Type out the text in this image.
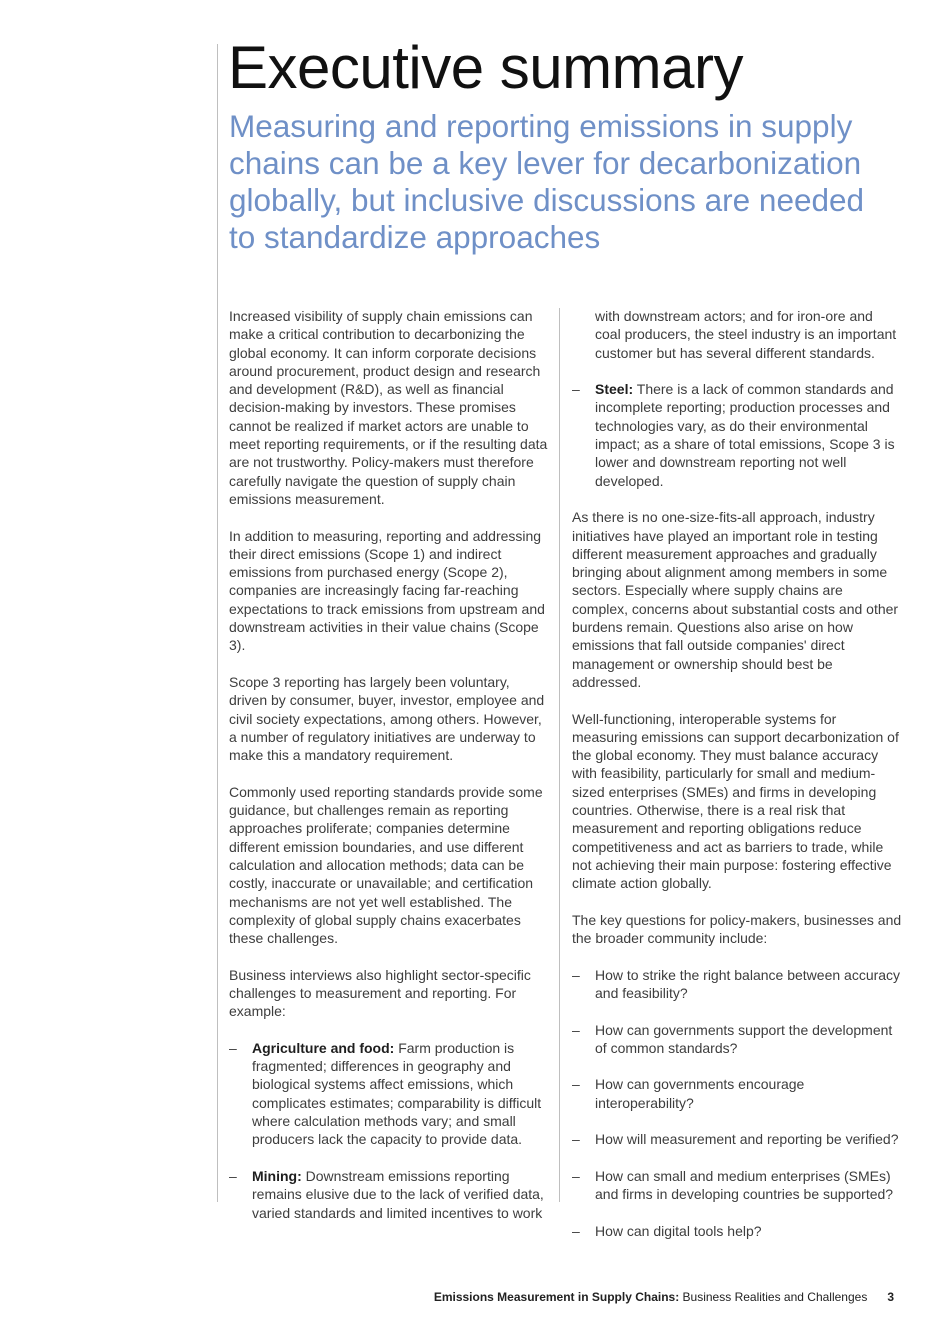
Executive summary

Measuring and reporting emissions in supply chains can be a key lever for decarbonization globally, but inclusive discussions are needed to standardize approaches

Increased visibility of supply chain emissions can make a critical contribution to decarbonizing the global economy. It can inform corporate decisions around procurement, product design and research and development (R&D), as well as financial decision-making by investors. These promises cannot be realized if market actors are unable to meet reporting requirements, or if the resulting data are not trustworthy. Policy-makers must therefore carefully navigate the question of supply chain emissions measurement.

In addition to measuring, reporting and addressing their direct emissions (Scope 1) and indirect emissions from purchased energy (Scope 2), companies are increasingly facing far-reaching expectations to track emissions from upstream and downstream activities in their value chains (Scope 3).

Scope 3 reporting has largely been voluntary, driven by consumer, buyer, investor, employee and civil society expectations, among others. However, a number of regulatory initiatives are underway to make this a mandatory requirement.

Commonly used reporting standards provide some guidance, but challenges remain as reporting approaches proliferate; companies determine different emission boundaries, and use different calculation and allocation methods; data can be costly, inaccurate or unavailable; and certification mechanisms are not yet well established. The complexity of global supply chains exacerbates these challenges.

Business interviews also highlight sector-specific challenges to measurement and reporting. For example:

– Agriculture and food: Farm production is fragmented; differences in geography and biological systems affect emissions, which complicates estimates; comparability is difficult where calculation methods vary; and small producers lack the capacity to provide data.
– Mining: Downstream emissions reporting remains elusive due to the lack of verified data, varied standards and limited incentives to work

with downstream actors; and for iron-ore and coal producers, the steel industry is an important customer but has several different standards.

– Steel: There is a lack of common standards and incomplete reporting; production processes and technologies vary, as do their environmental impact; as a share of total emissions, Scope 3 is lower and downstream reporting not well developed.

As there is no one-size-fits-all approach, industry initiatives have played an important role in testing different measurement approaches and gradually bringing about alignment among members in some sectors. Especially where supply chains are complex, concerns about substantial costs and other burdens remain. Questions also arise on how emissions that fall outside companies' direct management or ownership should best be addressed.

Well-functioning, interoperable systems for measuring emissions can support decarbonization of the global economy. They must balance accuracy with feasibility, particularly for small and medium-sized enterprises (SMEs) and firms in developing countries. Otherwise, there is a real risk that measurement and reporting obligations reduce competitiveness and act as barriers to trade, while not achieving their main purpose: fostering effective climate action globally.

The key questions for policy-makers, businesses and the broader community include:

– How to strike the right balance between accuracy and feasibility?
– How can governments support the development of common standards?
– How can governments encourage interoperability?
– How will measurement and reporting be verified?
– How can small and medium enterprises (SMEs) and firms in developing countries be supported?
– How can digital tools help?
Emissions Measurement in Supply Chains: Business Realities and Challenges 3
